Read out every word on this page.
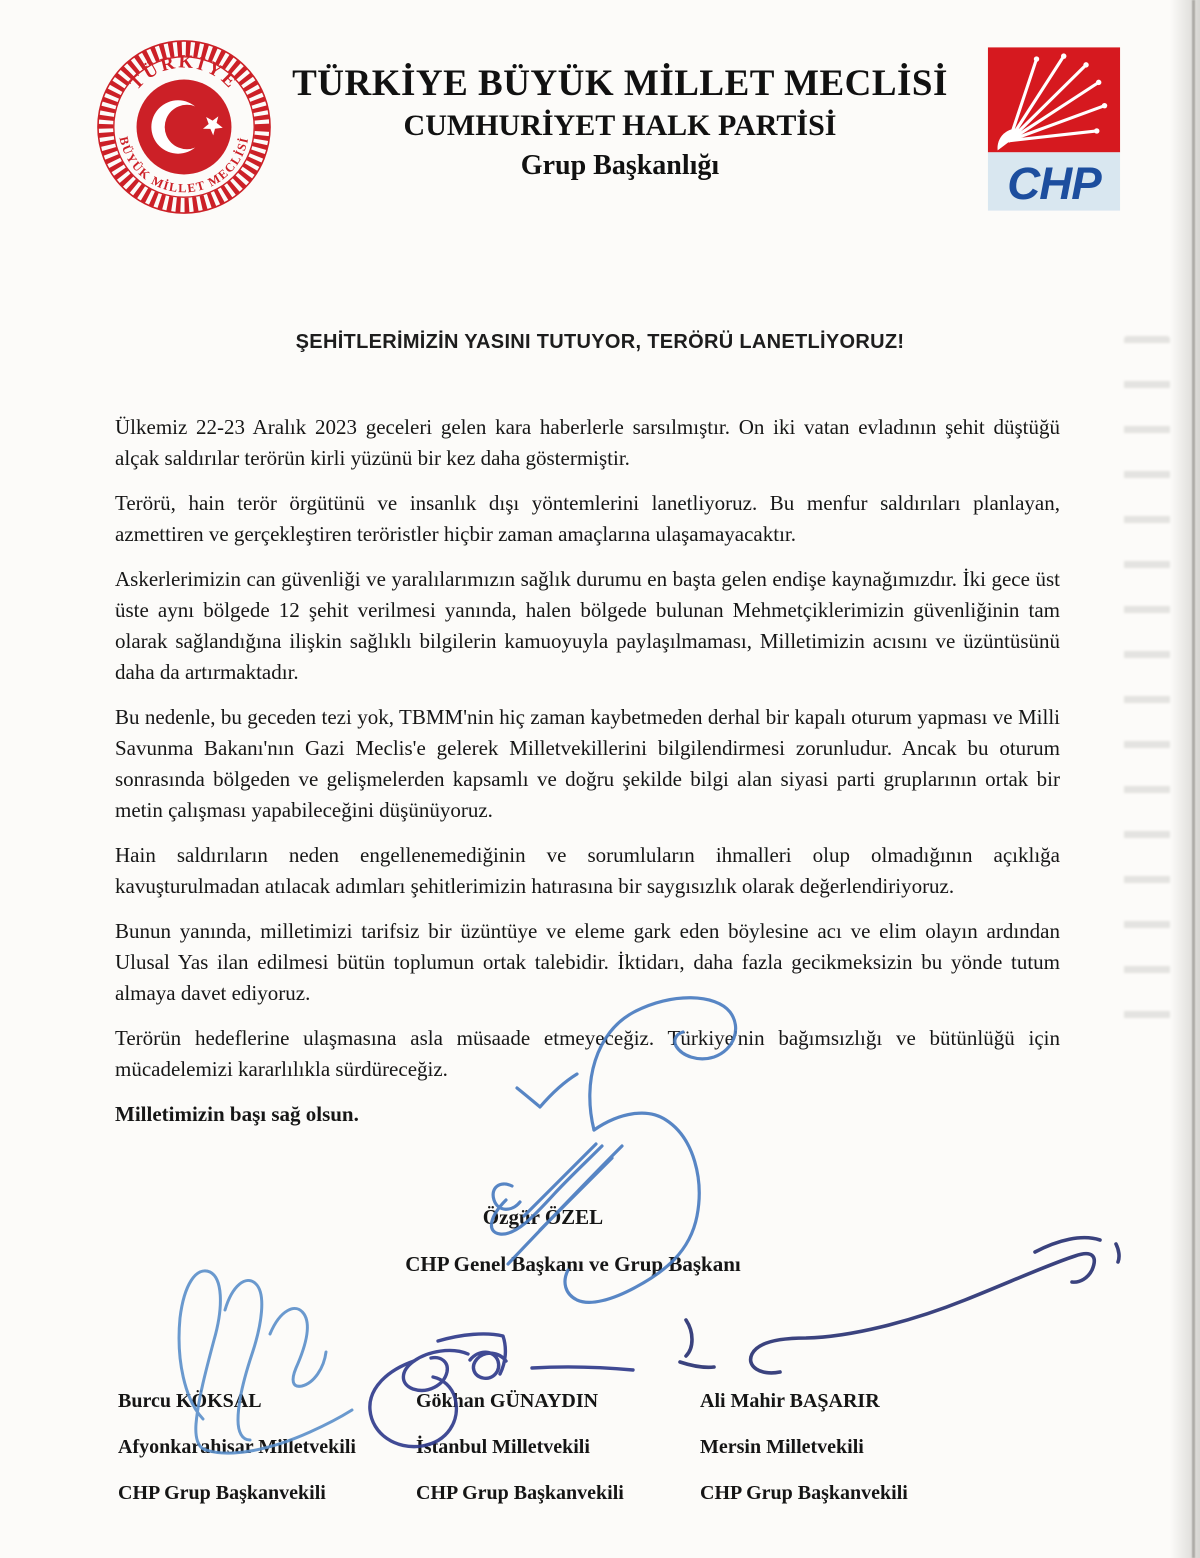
TÜRKİYE
BÜYÜK MİLLET MECLİSİ
TÜRKİYE BÜYÜK MİLLET MECLİSİ
CUMHURİYET HALK PARTİSİ
Grup Başkanlığı	CHP
ŞEHİTLERİMİZİN YASINI TUTUYOR, TERÖRÜ LANETLİYORUZ!

Ülkemiz 22-23 Aralık 2023 geceleri gelen kara haberlerle sarsılmıştır. On iki vatan evladının şehit düştüğü alçak saldırılar terörün kirli yüzünü bir kez daha göstermiştir.

Terörü, hain terör örgütünü ve insanlık dışı yöntemlerini lanetliyoruz. Bu menfur saldırıları planlayan, azmettiren ve gerçekleştiren teröristler hiçbir zaman amaçlarına ulaşamayacaktır.

Askerlerimizin can güvenliği ve yaralılarımızın sağlık durumu en başta gelen endişe kaynağımızdır. İki gece üst üste aynı bölgede 12 şehit verilmesi yanında, halen bölgede bulunan Mehmetçiklerimizin güvenliğinin tam olarak sağlandığına ilişkin sağlıklı bilgilerin kamuoyuyla paylaşılmaması, Milletimizin acısını ve üzüntüsünü daha da artırmaktadır.

Bu nedenle, bu geceden tezi yok, TBMM'nin hiç zaman kaybetmeden derhal bir kapalı oturum yapması ve Milli Savunma Bakanı'nın Gazi Meclis'e gelerek Milletvekillerini bilgilendirmesi zorunludur. Ancak bu oturum sonrasında bölgeden ve gelişmelerden kapsamlı ve doğru şekilde bilgi alan siyasi parti gruplarının ortak bir metin çalışması yapabileceğini düşünüyoruz.

Hain saldırıların neden engellenemediğinin ve sorumluların ihmalleri olup olmadığının açıklığa kavuşturulmadan atılacak adımları şehitlerimizin hatırasına bir saygısızlık olarak değerlendiriyoruz.

Bunun yanında, milletimizi tarifsiz bir üzüntüye ve eleme gark eden böylesine acı ve elim olayın ardından Ulusal Yas ilan edilmesi bütün toplumun ortak talebidir. İktidarı, daha fazla gecikmeksizin bu yönde tutum almaya davet ediyoruz.

Terörün hedeflerine ulaşmasına asla müsaade etmeyeceğiz. Türkiye'nin bağımsızlığı ve bütünlüğü için mücadelemizi kararlılıkla sürdüreceğiz.

Milletimizin başı sağ olsun.

Özgür ÖZEL
CHP Genel Başkanı ve Grup Başkanı
Burcu KÖKSAL
Afyonkarahisar Milletvekili
CHP Grup Başkanvekili
Gökhan GÜNAYDIN
İstanbul Milletvekili
CHP Grup Başkanvekili
Ali Mahir BAŞARIR
Mersin Milletvekili
CHP Grup Başkanvekili
